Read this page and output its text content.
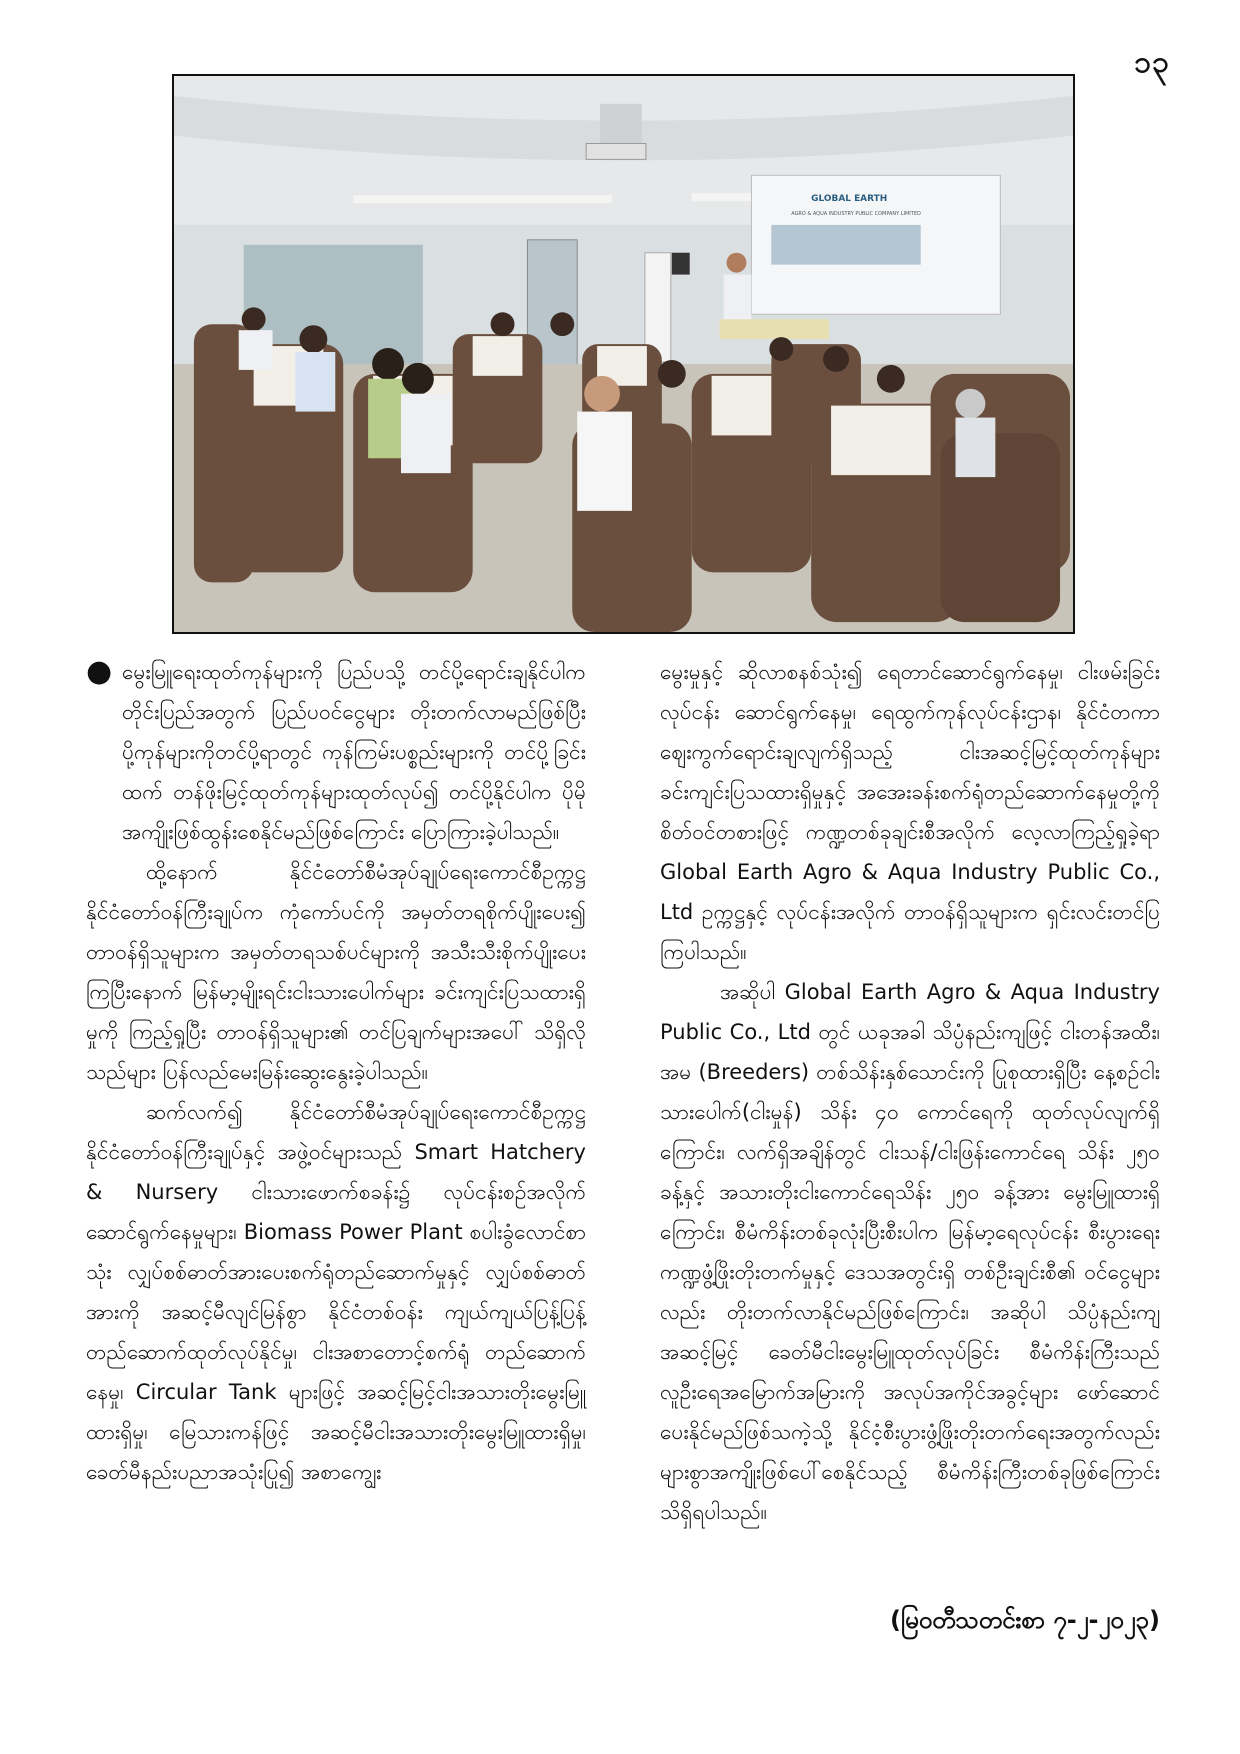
၁၃
GLOBAL EARTH
AGRO & AQUA INDUSTRY PUBLIC COMPANY LIMITED

● မွေးမြူရေးထုတ်ကုန်များကို ပြည်ပသို့ တင်ပို့ရောင်းချနိုင်ပါက တိုင်းပြည်အတွက် ပြည်ပဝင်ငွေများ တိုးတက်လာမည်ဖြစ်ပြီး ပို့ကုန်များကိုတင်ပို့ရာတွင် ကုန်ကြမ်းပစ္စည်းများကို တင်ပို့ခြင်းထက် တန်ဖိုးမြင့်ထုတ်ကုန်များထုတ်လုပ်၍ တင်ပို့နိုင်ပါက ပိုမိုအကျိုးဖြစ်ထွန်းစေနိုင်မည်ဖြစ်ကြောင်း ပြောကြားခဲ့ပါသည်။

ထို့နောက် နိုင်ငံတော်စီမံအုပ်ချုပ်ရေးကောင်စီဥက္ကဋ္ဌ နိုင်ငံတော်ဝန်ကြီးချုပ်က ကုံကော်ပင်ကို အမှတ်တရစိုက်ပျိုးပေး၍ တာဝန်ရှိသူများက အမှတ်တရသစ်ပင်များကို အသီးသီးစိုက်ပျိုးပေးကြပြီးနောက် မြန်မာ့မျိုးရင်းငါးသားပေါက်များ ခင်းကျင်းပြသထားရှိမှုကို ကြည့်ရှုပြီး တာဝန်ရှိသူများ၏ တင်ပြချက်များအပေါ် သိရှိလိုသည်များ ပြန်လည်မေးမြန်းဆွေးနွေးခဲ့ပါသည်။

ဆက်လက်၍ နိုင်ငံတော်စီမံအုပ်ချုပ်ရေးကောင်စီဥက္ကဋ္ဌ နိုင်ငံတော်ဝန်ကြီးချုပ်နှင့် အဖွဲ့ဝင်များသည် Smart Hatchery & Nursery ငါးသားဖောက်စခန်း၌ လုပ်ငန်းစဉ်အလိုက် ဆောင်ရွက်နေမှုများ၊ Biomass Power Plant စပါးခွံလောင်စာသုံး လျှပ်စစ်ဓာတ်အားပေးစက်ရုံတည်ဆောက်မှုနှင့် လျှပ်စစ်ဓာတ်အားကို အဆင့်မီလျင်မြန်စွာ နိုင်ငံတစ်ဝန်း ကျယ်ကျယ်ပြန့်ပြန့် တည်ဆောက်ထုတ်လုပ်နိုင်မှု၊ ငါးအစာတောင့်စက်ရုံ တည်ဆောက်နေမှု၊ Circular Tank များဖြင့် အဆင့်မြင့်ငါးအသားတိုးမွေးမြူထားရှိမှု၊ မြေသားကန်ဖြင့် အဆင့်မီငါးအသားတိုးမွေးမြူထားရှိမှု၊ ခေတ်မီနည်းပညာအသုံးပြု၍ အစာကျွေး

မွေးမှုနှင့် ဆိုလာစနစ်သုံး၍ ရေတာင်ဆောင်ရွက်နေမှု၊ ငါးဖမ်းခြင်းလုပ်ငန်း ဆောင်ရွက်နေမှု၊ ရေထွက်ကုန်လုပ်ငန်းဌာန၊ နိုင်ငံတကာဈေးကွက်ရောင်းချလျက်ရှိသည့် ငါးအဆင့်မြင့်ထုတ်ကုန်များ ခင်းကျင်းပြသထားရှိမှုနှင့် အအေးခန်းစက်ရုံတည်ဆောက်နေမှုတို့ကို စိတ်ဝင်တစားဖြင့် ကဏ္ဍတစ်ခုချင်းစီအလိုက် လေ့လာကြည့်ရှုခဲ့ရာ Global Earth Agro & Aqua Industry Public Co., Ltd ဥက္ကဋ္ဌနှင့် လုပ်ငန်းအလိုက် တာဝန်ရှိသူများက ရှင်းလင်းတင်ပြကြပါသည်။

အဆိုပါ Global Earth Agro & Aqua Industry Public Co., Ltd တွင် ယခုအခါ သိပ္ပံနည်းကျဖြင့် ငါးတန်အထီး၊ အမ (Breeders) တစ်သိန်းနှစ်သောင်းကို ပြုစုထားရှိပြီး နေ့စဉ်ငါးသားပေါက်(ငါးမှုန်) သိန်း ၄၀ ကောင်ရေကို ထုတ်လုပ်လျက်ရှိကြောင်း၊ လက်ရှိအချိန်တွင် ငါးသန်/ငါးဖြန်းကောင်ရေ သိန်း ၂၅၀ ခန့်နှင့် အသားတိုးငါးကောင်ရေသိန်း ၂၅၀ ခန့်အား မွေးမြူထားရှိကြောင်း၊ စီမံကိန်းတစ်ခုလုံးပြီးစီးပါက မြန်မာ့ရေလုပ်ငန်း စီးပွားရေးကဏ္ဍဖွံ့ဖြိုးတိုးတက်မှုနှင့် ဒေသအတွင်းရှိ တစ်ဦးချင်းစီ၏ ဝင်ငွေများလည်း တိုးတက်လာနိုင်မည်ဖြစ်ကြောင်း၊ အဆိုပါ သိပ္ပံနည်းကျအဆင့်မြင့် ခေတ်မီငါးမွေးမြူထုတ်လုပ်ခြင်း စီမံကိန်းကြီးသည် လူဦးရေအမြောက်အမြားကို အလုပ်အကိုင်အခွင့်များ ဖော်ဆောင်ပေးနိုင်မည်ဖြစ်သကဲ့သို့ နိုင်ငံ့စီးပွားဖွံ့ဖြိုးတိုးတက်ရေးအတွက်လည်း များစွာအကျိုးဖြစ်ပေါ်စေနိုင်သည့် စီမံကိန်းကြီးတစ်ခုဖြစ်ကြောင်း သိရှိရပါသည်။

(မြဝတီသတင်းစာ ၇-၂-၂၀၂၃)
